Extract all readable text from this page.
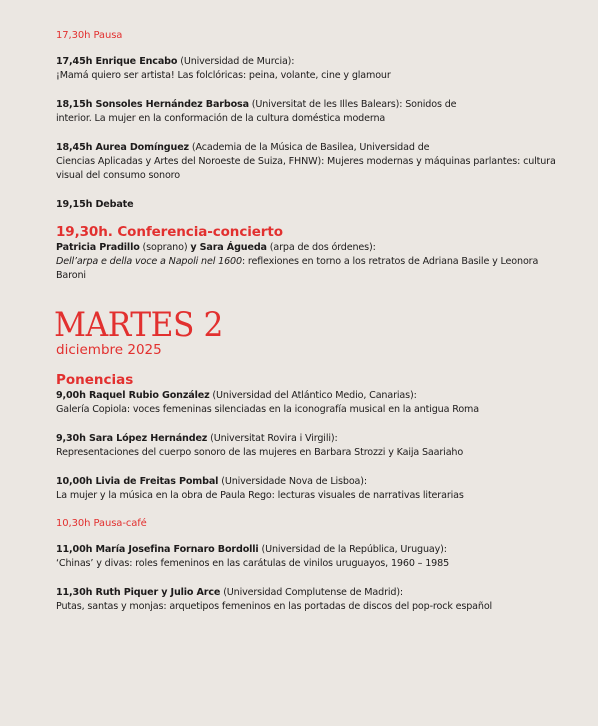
17,30h Pausa
17,45h Enrique Encabo (Universidad de Murcia):
¡Mamá quiero ser artista! Las folclóricas: peina, volante, cine y glamour
18,15h Sonsoles Hernández Barbosa (Universitat de les Illes Balears): Sonidos de
interior. La mujer en la conformación de la cultura doméstica moderna
18,45h Aurea Domínguez (Academia de la Música de Basilea, Universidad de
Ciencias Aplicadas y Artes del Noroeste de Suiza, FHNW): Mujeres modernas y máquinas parlantes: cultura visual del consumo sonoro
19,15h Debate
19,30h. Conferencia-concierto
Patricia Pradillo (soprano) y Sara Águeda (arpa de dos órdenes):
Dell’arpa e della voce a Napoli nel 1600: reflexiones en torno a los retratos de Adriana Basile y Leonora Baroni
MARTES 2
diciembre 2025
Ponencias
9,00h Raquel Rubio González (Universidad del Atlántico Medio, Canarias):
Galería Copiola: voces femeninas silenciadas en la iconografía musical en la antigua Roma
9,30h Sara López Hernández (Universitat Rovira i Virgili):
Representaciones del cuerpo sonoro de las mujeres en Barbara Strozzi y Kaija Saariaho
10,00h Livia de Freitas Pombal (Universidade Nova de Lisboa):
La mujer y la música en la obra de Paula Rego: lecturas visuales de narrativas literarias
10,30h Pausa-café
11,00h María Josefina Fornaro Bordolli (Universidad de la República, Uruguay):
‘Chinas’ y divas: roles femeninos en las carátulas de vinilos uruguayos, 1960 – 1985
11,30h Ruth Piquer y Julio Arce (Universidad Complutense de Madrid):
Putas, santas y monjas: arquetipos femeninos en las portadas de discos del pop-rock español
